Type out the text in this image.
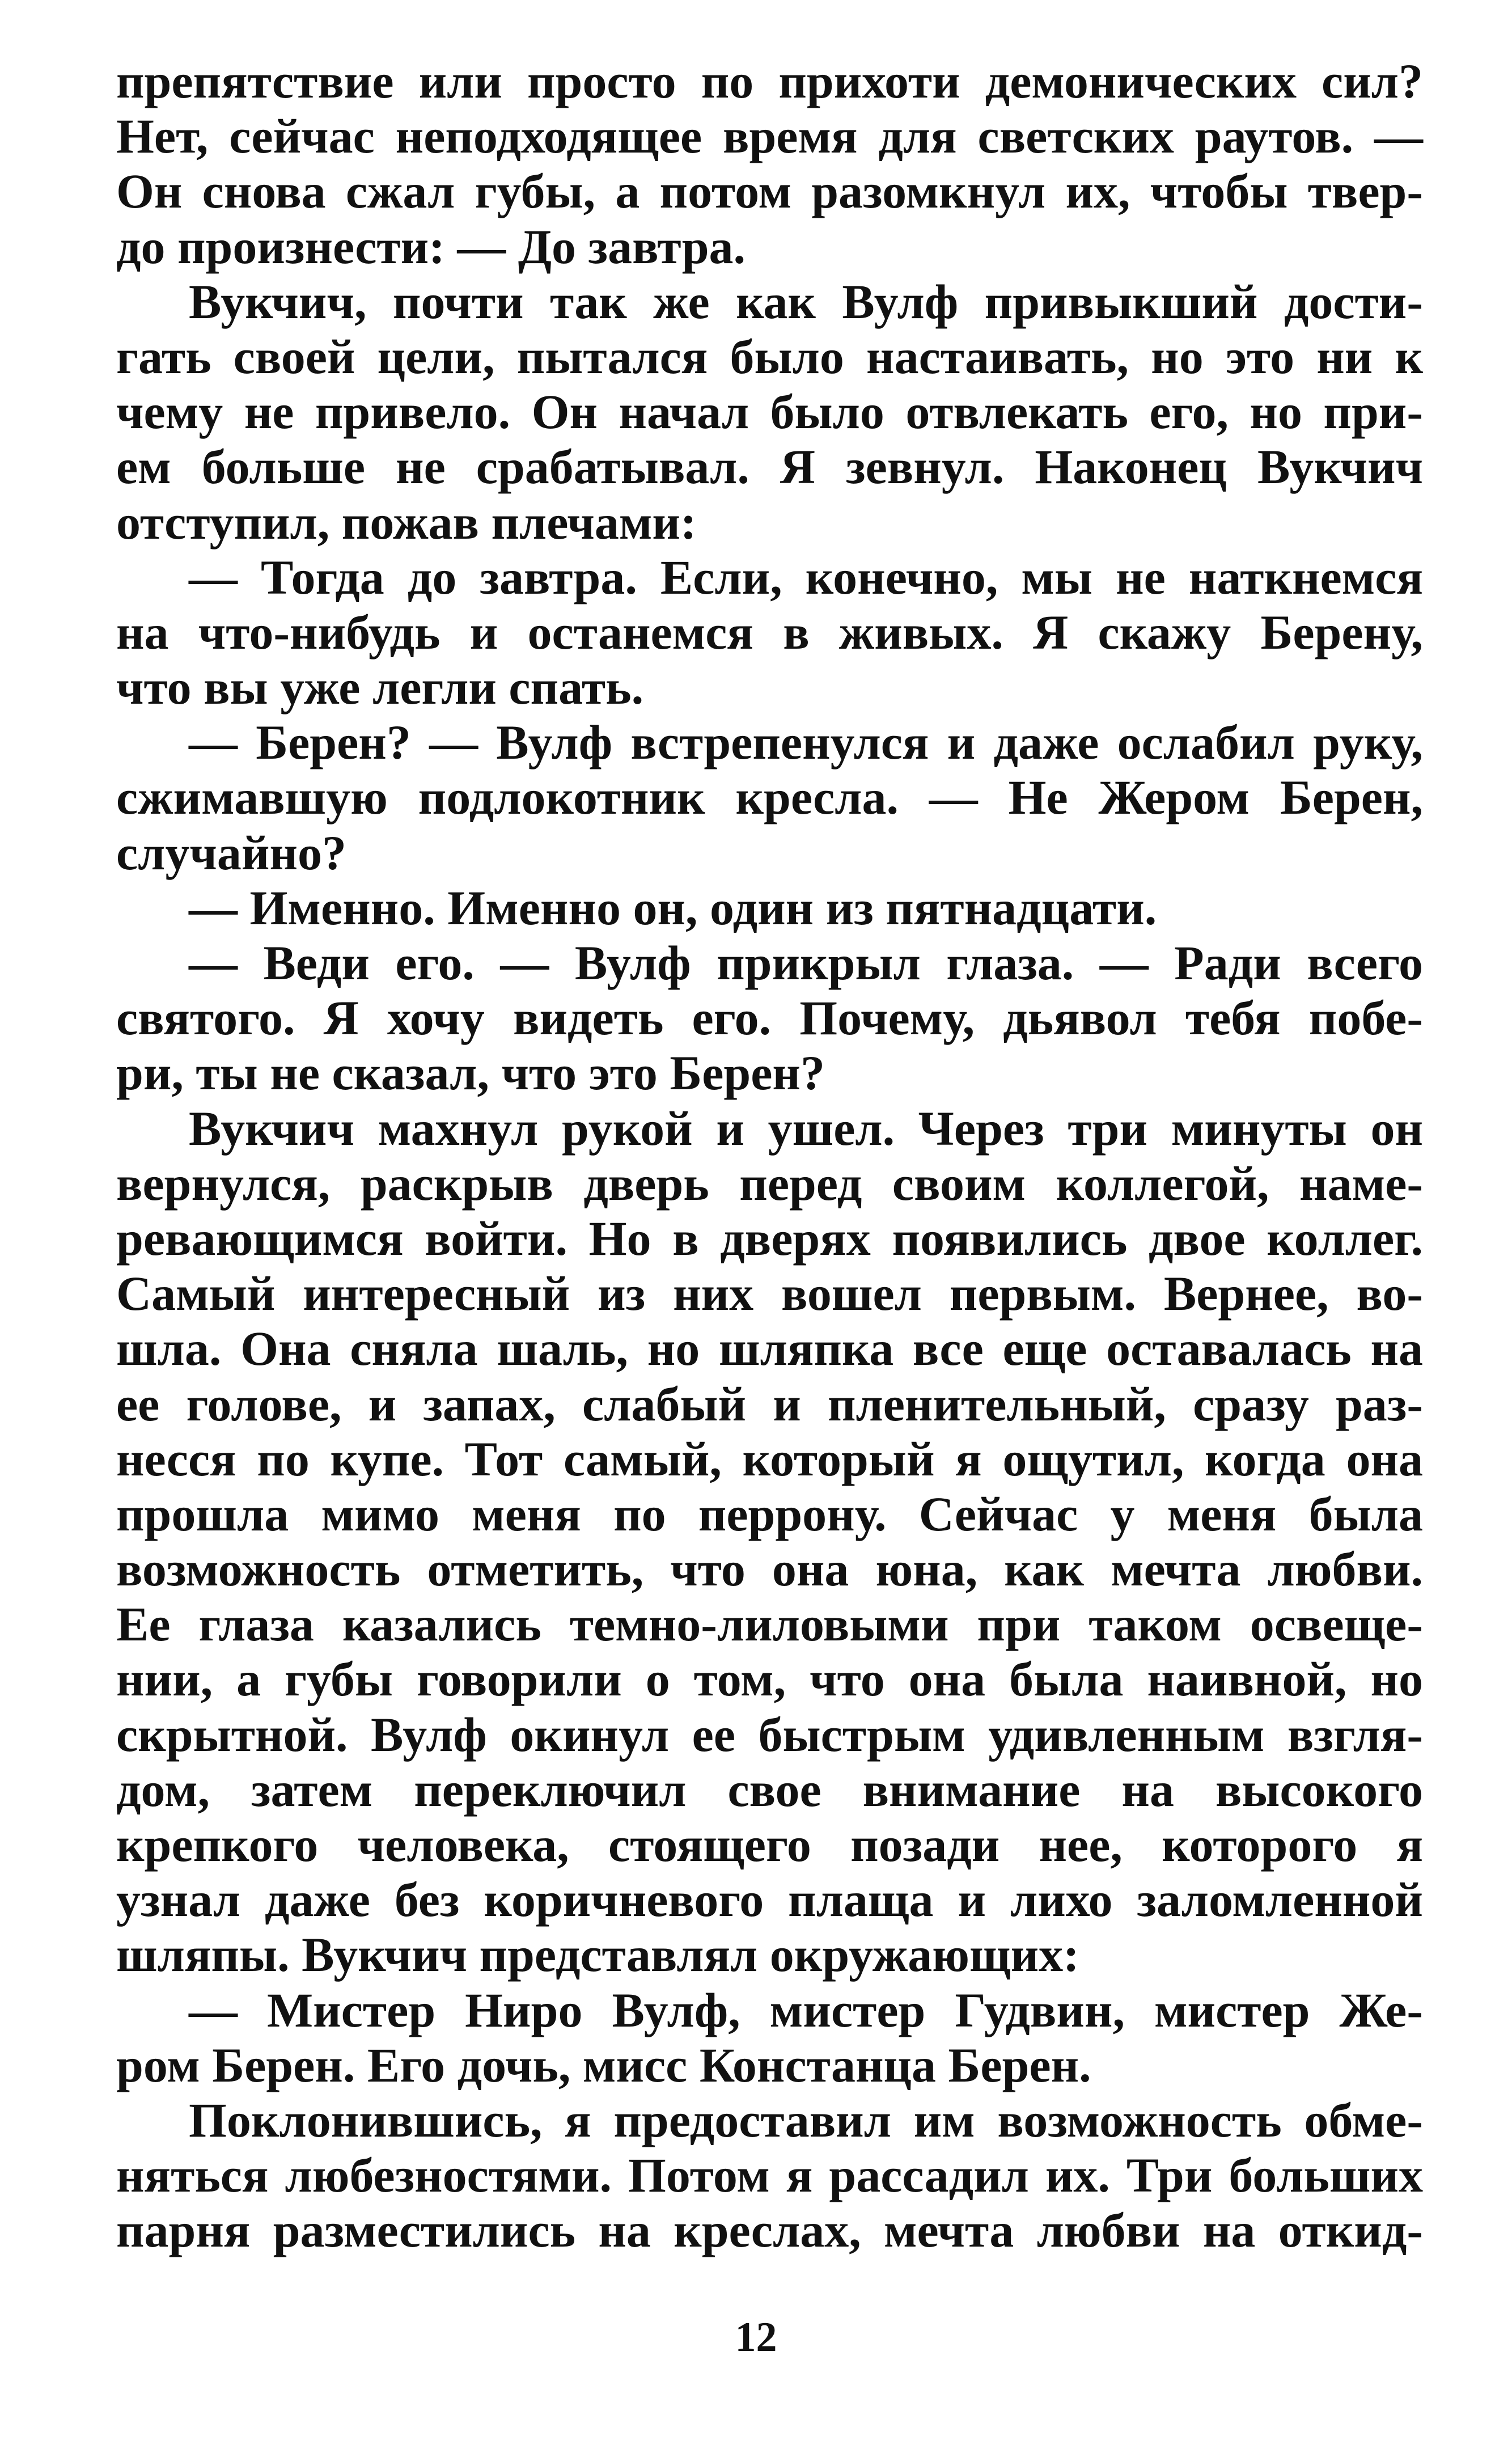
препятствие или просто по прихоти демонических сил?
Нет, сейчас неподходящее время для светских раутов. —
Он снова сжал губы, а потом разомкнул их, чтобы твер-
до произнести: — До завтра.
Вукчич, почти так же как Вулф привыкший дости-
гать своей цели, пытался было настаивать, но это ни к
чему не привело. Он начал было отвлекать его, но при-
ем больше не срабатывал. Я зевнул. Наконец Вукчич
отступил, пожав плечами:
— Тогда до завтра. Если, конечно, мы не наткнемся
на что-нибудь и останемся в живых. Я скажу Берену,
что вы уже легли спать.
— Берен? — Вулф встрепенулся и даже ослабил руку,
сжимавшую подлокотник кресла. — Не Жером Берен,
случайно?
— Именно. Именно он, один из пятнадцати.
— Веди его. — Вулф прикрыл глаза. — Ради всего
святого. Я хочу видеть его. Почему, дьявол тебя побе-
ри, ты не сказал, что это Берен?
Вукчич махнул рукой и ушел. Через три минуты он
вернулся, раскрыв дверь перед своим коллегой, наме-
ревающимся войти. Но в дверях появились двое коллег.
Самый интересный из них вошел первым. Вернее, во-
шла. Она сняла шаль, но шляпка все еще оставалась на
ее голове, и запах, слабый и пленительный, сразу раз-
несся по купе. Тот самый, который я ощутил, когда она
прошла мимо меня по перрону. Сейчас у меня была
возможность отметить, что она юна, как мечта любви.
Ее глаза казались темно-лиловыми при таком освеще-
нии, а губы говорили о том, что она была наивной, но
скрытной. Вулф окинул ее быстрым удивленным взгля-
дом, затем переключил свое внимание на высокого
крепкого человека, стоящего позади нее, которого я
узнал даже без коричневого плаща и лихо заломленной
шляпы. Вукчич представлял окружающих:
— Мистер Ниро Вулф, мистер Гудвин, мистер Же-
ром Берен. Его дочь, мисс Констанца Берен.
Поклонившись, я предоставил им возможность обме-
няться любезностями. Потом я рассадил их. Три больших
парня разместились на креслах, мечта любви на откид-
12
